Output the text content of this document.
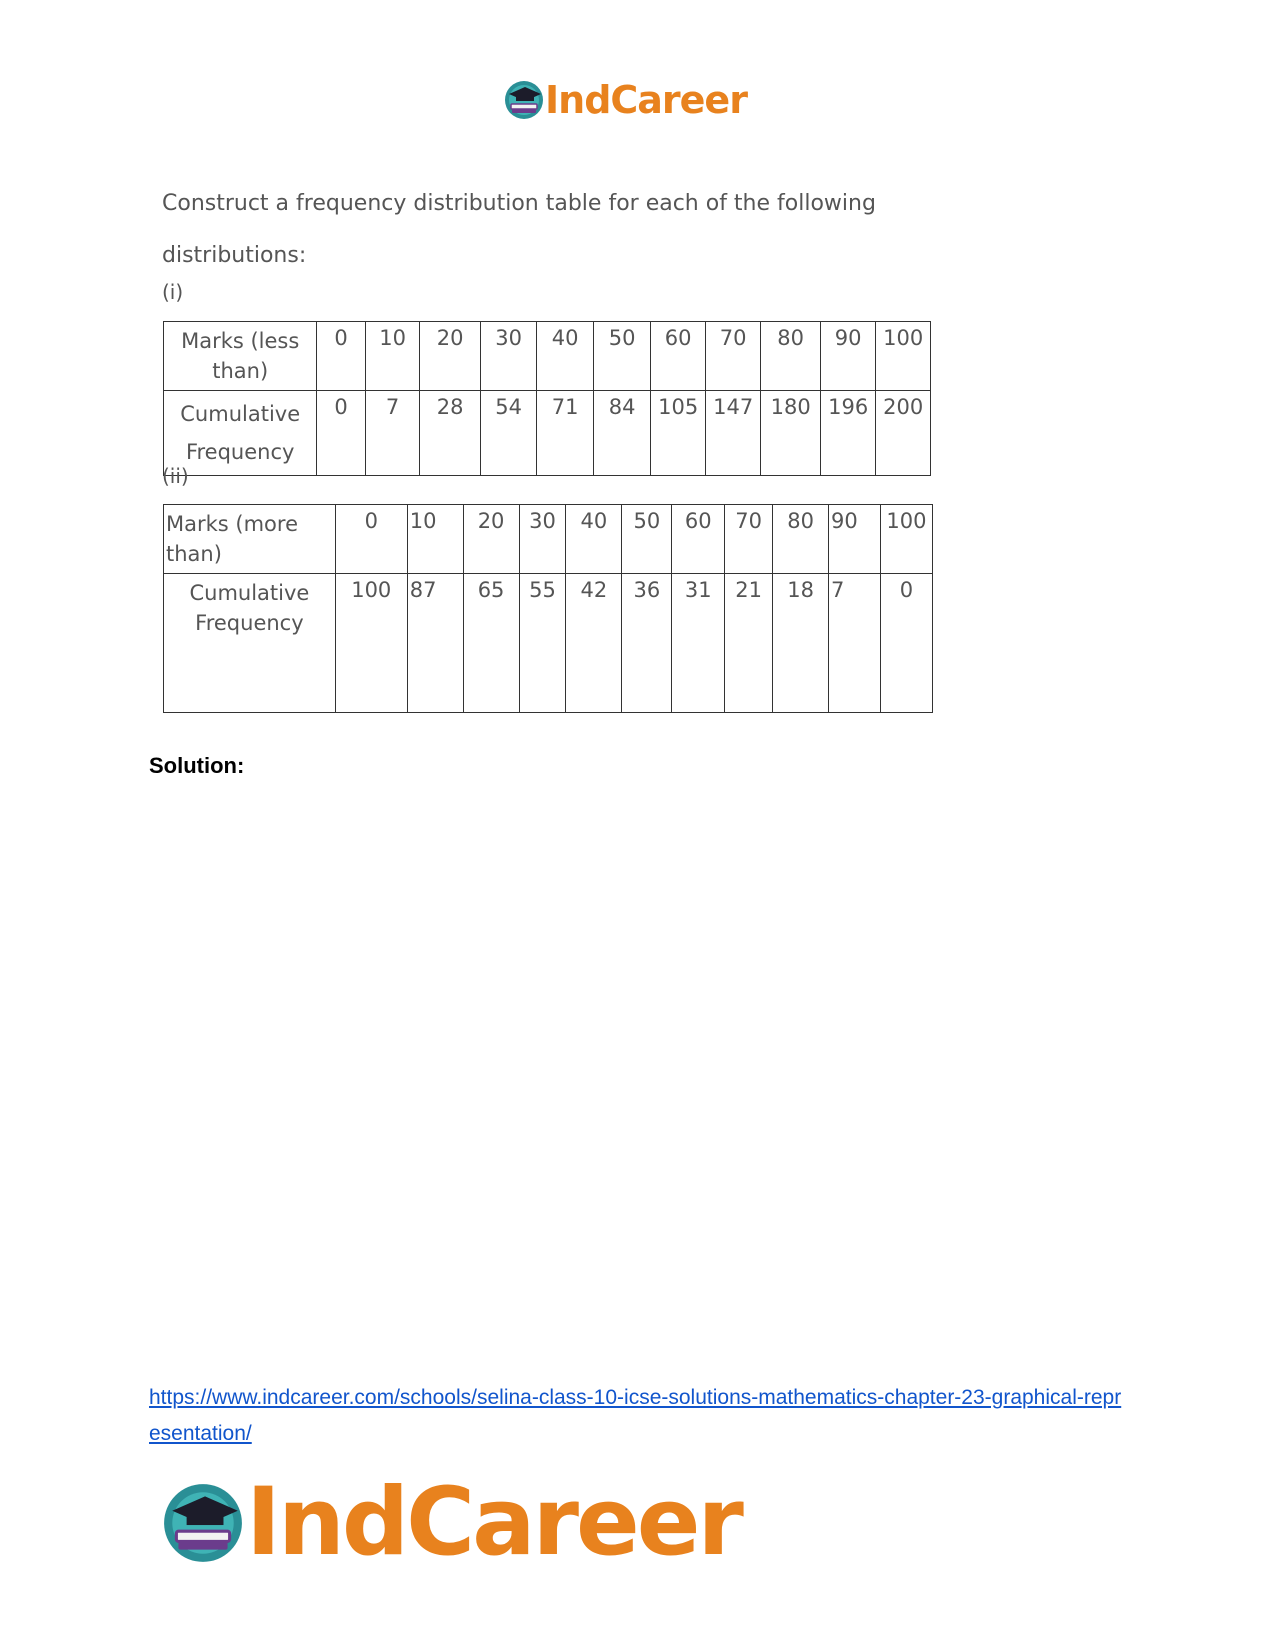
IndCareer
Construct a frequency distribution table for each of the following distributions:
(i)
Marks (less than)	0	10	20	30	40	50	60	70	80	90	100
Cumulative Frequency	0	7	28	54	71	84	105	147	180	196	200
(ii)
Marks (more than)	0	10	20	30	40	50	60	70	80	90	100
Cumulative Frequency	100	87	65	55	42	36	31	21	18	7	0
Solution:
https://www.indcareer.com/schools/selina-class-10-icse-solutions-mathematics-chapter-23-graphical-representation/
IndCareer
